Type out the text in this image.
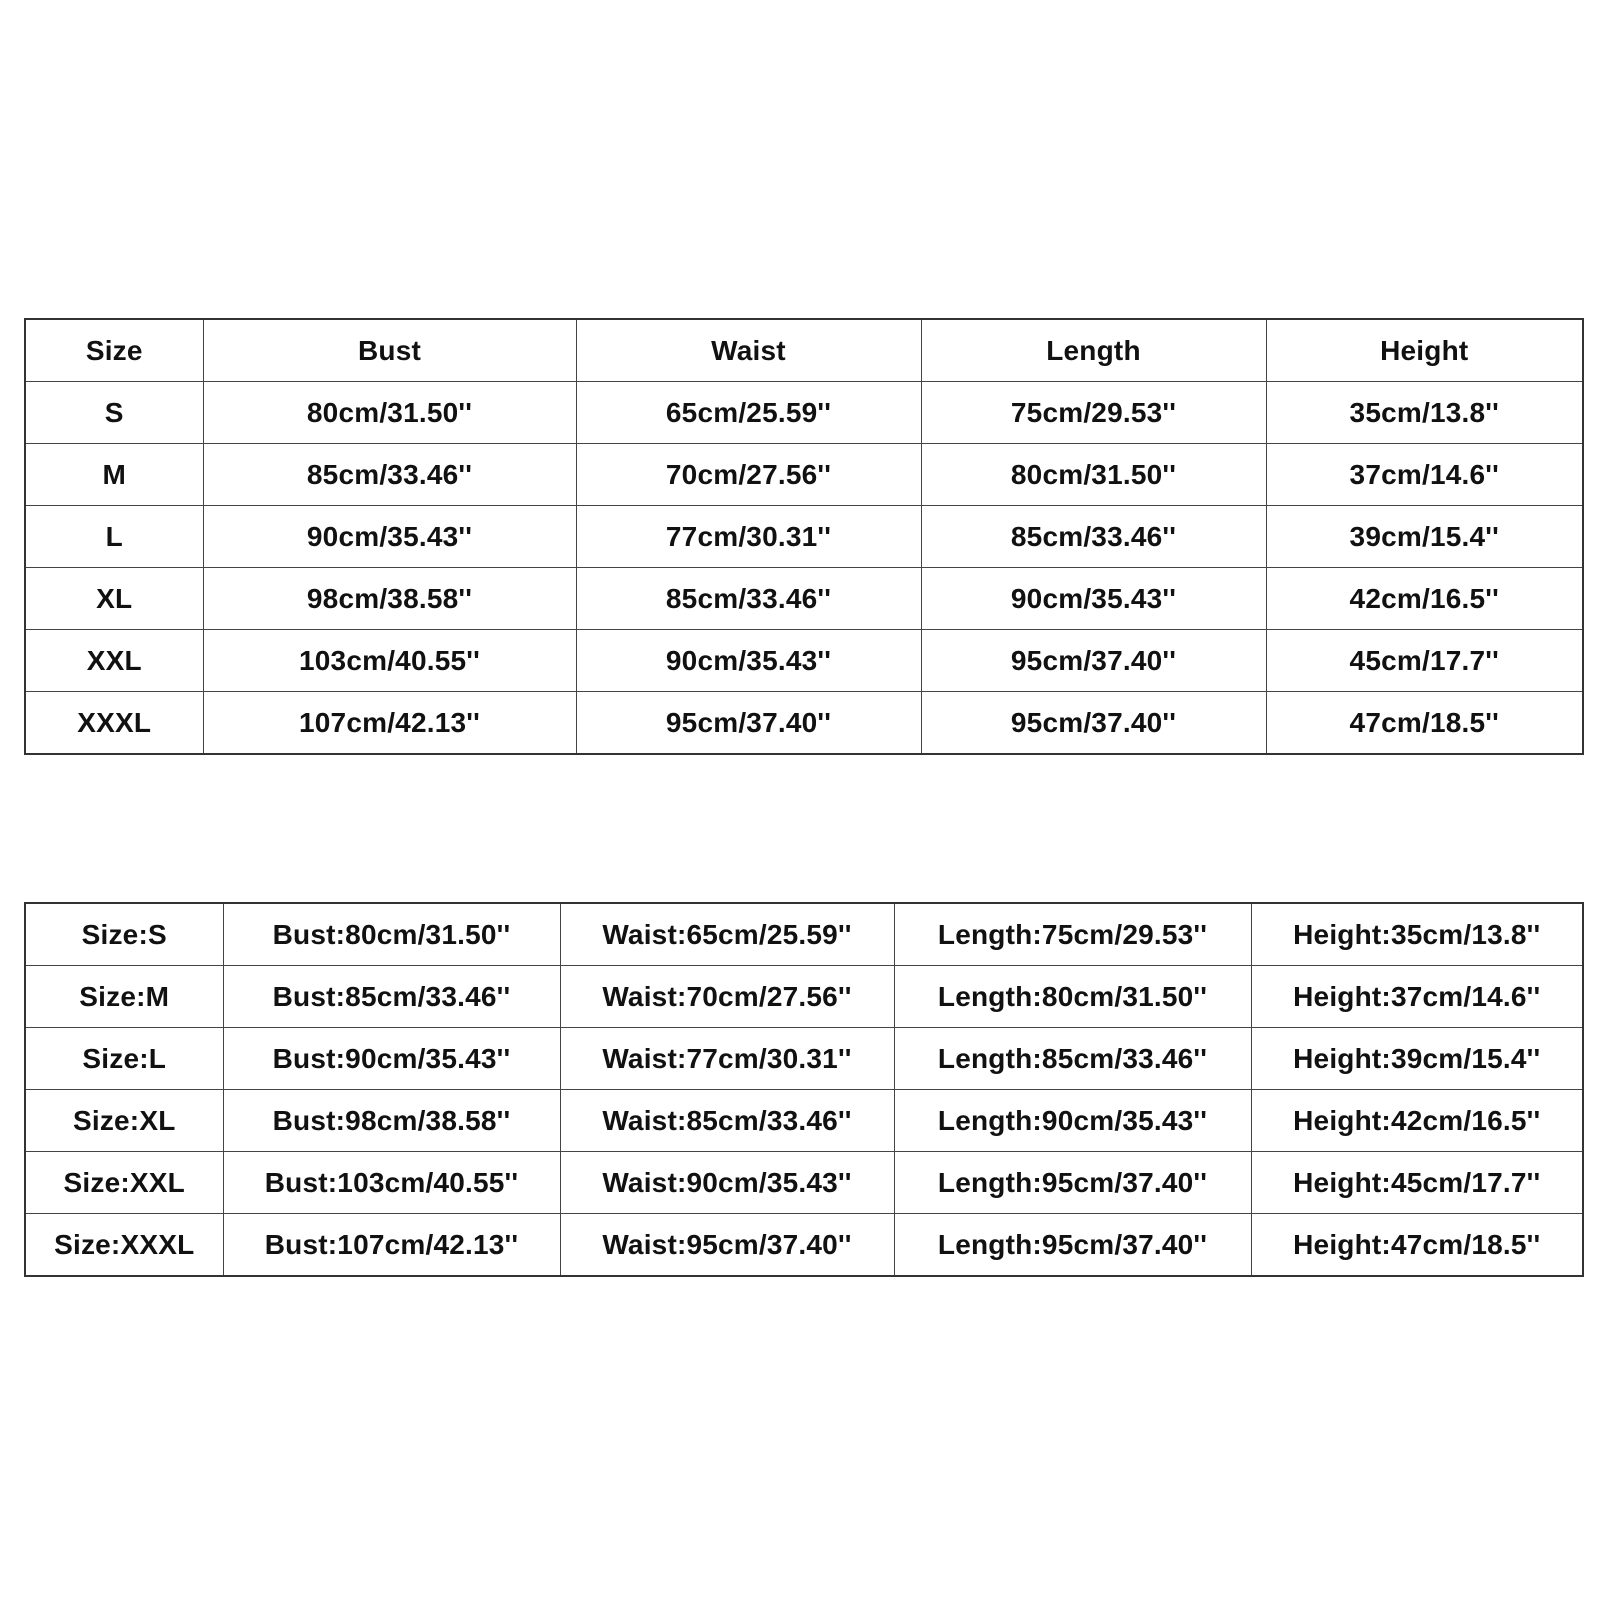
Size	Bust	Waist	Length	Height
S	80cm/31.50''	65cm/25.59''	75cm/29.53''	35cm/13.8''
M	85cm/33.46''	70cm/27.56''	80cm/31.50''	37cm/14.6''
L	90cm/35.43''	77cm/30.31''	85cm/33.46''	39cm/15.4''
XL	98cm/38.58''	85cm/33.46''	90cm/35.43''	42cm/16.5''
XXL	103cm/40.55''	90cm/35.43''	95cm/37.40''	45cm/17.7''
XXXL	107cm/42.13''	95cm/37.40''	95cm/37.40''	47cm/18.5''
Size:S	Bust:80cm/31.50''	Waist:65cm/25.59''	Length:75cm/29.53''	Height:35cm/13.8''
Size:M	Bust:85cm/33.46''	Waist:70cm/27.56''	Length:80cm/31.50''	Height:37cm/14.6''
Size:L	Bust:90cm/35.43''	Waist:77cm/30.31''	Length:85cm/33.46''	Height:39cm/15.4''
Size:XL	Bust:98cm/38.58''	Waist:85cm/33.46''	Length:90cm/35.43''	Height:42cm/16.5''
Size:XXL	Bust:103cm/40.55''	Waist:90cm/35.43''	Length:95cm/37.40''	Height:45cm/17.7''
Size:XXXL	Bust:107cm/42.13''	Waist:95cm/37.40''	Length:95cm/37.40''	Height:47cm/18.5''
